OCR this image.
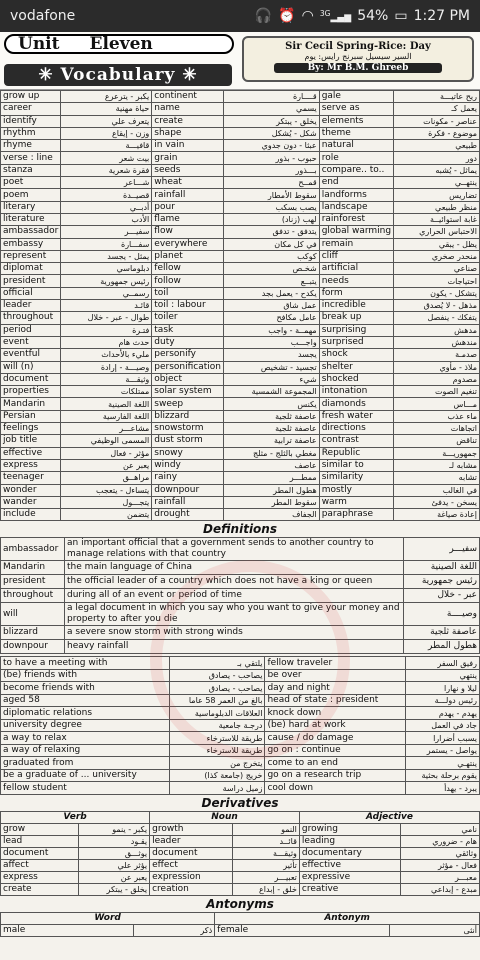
vodafone	🎧 ⏰ ◠ $^{3G}$▂▄▆ 54% ▭ 1:27 PM
Unit Eleven
✳ Vocabulary ✳
Sir Cecil Spring-Rice: Day
السير سيسيل سبرنج رايس: يوم
By: Mr B.M. Ghreeb
grow up	يكبر - يترعرع	continent	قــــارة	gale	ريح عاتيـــة
career	حياة مهنية	name	يسمي	serve as	يعمل كـ
identify	يتعرف علي	create	يخلق - يبتكر	elements	عناصر - مكونات
rhythm	وزن - إيقاع	shape	شكل - يُشكل	theme	موضوع - فكرة
rhyme	قافيـــة	in vain	عبثا - دون جدوي	natural	طبيعي
verse : line	بيت شعر	grain	حبوب - بذور	role	دور
stanza	فقرة شعرية	seeds	بـــذور	compare.. to..	يماثل - يُشبه
poet	شـــاعر	wheat	قمــح	end	ينتهــي
poem	قصيــدة	rainfall	سقوط الأمطار	landforms	تضاريس
literary	أدبــي	pour	يصب بسكب	landscape	منظر طبيعي
literature	الأدب	flame	لهب (زناد)	rainforest	غابة استوائيــة
ambassador	سفيـــر	flow	يتدفق - تدفق	global warming	الاحتباس الحراري
embassy	سفـــارة	everywhere	في كل مكان	remain	يظل - يبقي
represent	يمثل - يجسد	planet	كوكب	cliff	منحدر صخري
diplomat	دبلوماسي	fellow	شخـص	artificial	صناعي
president	رئيس جمهورية	follow	يتبــع	needs	احتياجات
official	رسمــي	toil	يكدح - يعمل بجد	form	يتشكل - يكون
leader	قائـد	toil : labour	عمل شاق	incredible	مذهل - لا يُصدق
throughout	طوال - عبر - خلال	toiler	عامل مكافح	break up	يتفكك - ينفصل
period	فتـرة	task	مهمــة - واجب	surprising	مدهش
event	حدث هام	duty	واجـــب	surprised	مندهش
eventful	مليء بالأحداث	personify	يجسد	shock	صدمـة
will (n)	وصيـــة - إرادة	personification	تجسيد - تشخيص	shelter	ملاذ - مأوي
document	وثيقـــة	object	شيء	shocked	مصدوم
properties	ممتلكات	solar system	المجموعة الشمسية	intonation	تنغيم الصوت
Mandarin	اللغة الصينية	sweep	يكنس	diamonds	مـــاس
Persian	اللغة الفارسية	blizzard	عاصفة ثلجية	fresh water	ماء عذب
feelings	مشاعـــر	snowstorm	عاصفة ثلجية	directions	اتجاهات
job title	المسمى الوظيفي	dust storm	عاصفة ترابية	contrast	تناقض
effective	مؤثر - فعال	snowy	مغطي بالثلج - مثلج	Republic	جمهوريـــة
express	يعبر عن	windy	عاصف	similar to	مشابه لـ
teenager	مراهــق	rainy	ممطـــر	similarity	تشابه
wonder	يتساءل - يتعجب	downpour	هطول المطر	mostly	في الغالب
wander	يتجـــول	rainfall	سقوط المطر	warm	يسخن - يدفئ
include	يتضمن	drought	الجفاف	paraphrase	إعادة صياغة
Definitions
ambassador	an important official that a government sends to another country to manage relations with that country	سفيـــر
Mandarin	the main language of China	اللغة الصينية
president	the official leader of a country which does not have a king or queen	رئيس جمهورية
throughout	during all of an event or period of time	عبر - خلال
will	a legal document in which you say who you want to give your money and property to after you die	وصيــــة
blizzard	a severe snow storm with strong winds	عاصفة ثلجية
downpour	heavy rainfall	هطول المطر
to have a meeting with	يلتقي بـ	fellow traveler	رفيق السفر
(be) friends with	يصاحب - يصادق	be over	ينتهي
become friends with	يصاحب - يصادق	day and night	ليلا و نهارا
aged 58	بالغ من العمر 58 عاما	head of state : president	رئيس دولـــة
diplomatic relations	العلاقات الدبلوماسية	knock down	يهدم - يهدم
university degree	درجـة جامعية	(be) hard at work	جاد في العمل
a way to relax	طريقة للاسترخاء	cause / do damage	يسبب أضرارا
a way of relaxing	طريقة للاسترخاء	go on : continue	يواصل - يستمر
graduated from	يتخرج من	come to an end	ينتهـي
be a graduate of ... university	خريج (جامعة كذا)	go on a research trip	يقوم برحلة بحثية
fellow student	زميل دراسة	cool down	يبرد - يهدأ
Derivatives
Verb		Noun		Adjective	
grow	يكبر - ينمو	growth	النمو	growing	نامي
lead	يقـود	leader	قائــد	leading	هام - ضروري
document	يوثـــق	document	وثيقـــة	documentary	وثائقي
affect	يؤثر علي	effect	تأثير	effective	فعال - مؤثر
express	يعبر عن	expression	تعبيـــر	expressive	معبـــر
create	يخلق - يبتكر	creation	خلق - إبداع	creative	مبدع - إبداعي
Antonyms
Word		Antonym	
male	ذكر	female	أنثى
